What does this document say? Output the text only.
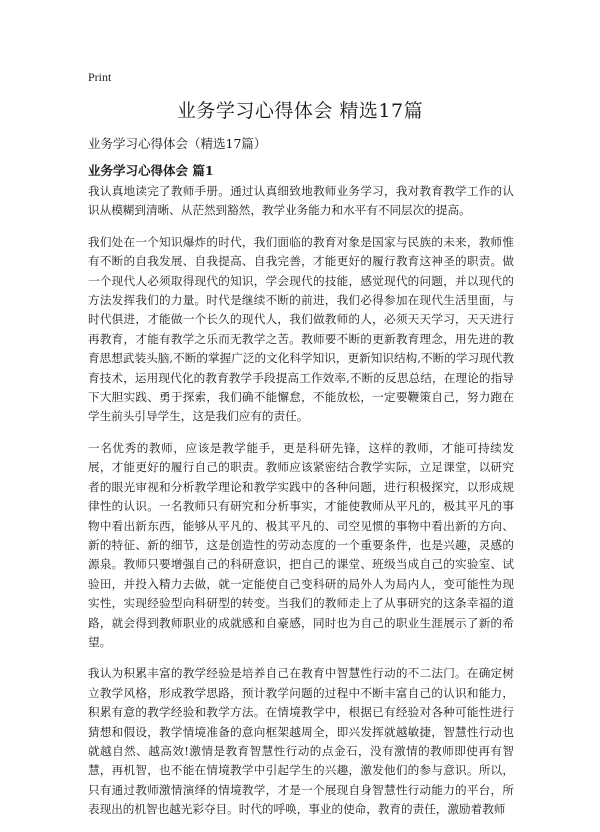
Print
业务学习心得体会 精选17篇
业务学习心得体会（精选17篇）
业务学习心得体会 篇1

我认真地读完了教师手册。通过认真细致地教师业务学习，我对教育教学工作的认识从模糊到清晰、从茫然到豁然，教学业务能力和水平有不同层次的提高。

我们处在一个知识爆炸的时代，我们面临的教育对象是国家与民族的未来，教师惟有不断的自我发展、自我提高、自我完善，才能更好的履行教育这神圣的职责。做一个现代人必须取得现代的知识，学会现代的技能，感觉现代的问题，并以现代的方法发挥我们的力量。时代是继续不断的前进，我们必得参加在现代生活里面，与时代俱进，才能做一个长久的现代人，我们做教师的人，必须天天学习，天天进行再教育，才能有教学之乐而无教学之苦。教师要不断的更新教育理念，用先进的教育思想武装头脑,不断的掌握广泛的文化科学知识，更新知识结构,不断的学习现代教育技术，运用现代化的教育教学手段提高工作效率,不断的反思总结，在理论的指导下大胆实践、勇于探索，我们确不能懈怠，不能放松，一定要鞭策自己，努力跑在学生前头引导学生，这是我们应有的责任。

一名优秀的教师，应该是教学能手，更是科研先锋，这样的教师，才能可持续发展，才能更好的履行自己的职责。教师应该紧密结合教学实际，立足课堂，以研究者的眼光审视和分析教学理论和教学实践中的各种问题，进行积极探究，以形成规律性的认识。一名教师只有研究和分析事实，才能使教师从平凡的，极其平凡的事物中看出新东西，能够从平凡的、极其平凡的、司空见惯的事物中看出新的方向、新的特征、新的细节，这是创造性的劳动态度的一个重要条件，也是兴趣，灵感的源泉。教师只要增强自己的科研意识，把自己的课堂、班级当成自己的实验室、试验田，并投入精力去做，就一定能使自己变科研的局外人为局内人，变可能性为现实性，实现经验型向科研型的转变。当我们的教师走上了从事研究的这条幸福的道路，就会得到教师职业的成就感和自豪感，同时也为自己的职业生涯展示了新的希望。

我认为积累丰富的教学经验是培养自己在教育中智慧性行动的不二法门。在确定树立教学风格，形成教学思路，预计教学问题的过程中不断丰富自己的认识和能力，积累有意的教学经验和教学方法。在情境教学中，根据已有经验对各种可能性进行猜想和假设，教学情境准备的意向框架越周全，即兴发挥就越敏捷，智慧性行动也就越自然、越高效!激情是教育智慧性行动的点金石，没有激情的教师即使再有智慧，再机智，也不能在情境教学中引起学生的兴趣，激发他们的参与意识。所以，只有通过教师激情演绎的情境教学，才是一个展现自身智慧性行动能力的平台，所表现出的机智也越光彩夺目。时代的呼唤，事业的使命，教育的责任，激励着教师
